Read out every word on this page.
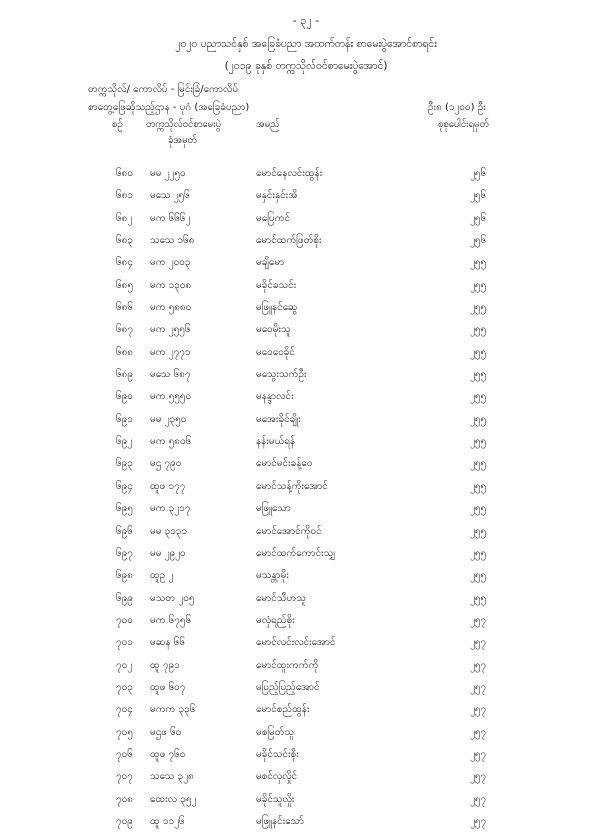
- ၃၂ -
၂၀၂၀ ပညာသင်နှစ် အခြေခံပညာ အထက်တန်း စာမေးပွဲအောင်စာရင်း
(၂၀၁၉ ခုနှစ် တက္ကသိုလ်ဝင်စာမေးပွဲအောင်)
တက္ကသိုလ်/ ကောလိပ် - မြင်းခြံ/ကောလိပ်
စာတွေ့ဖြေဆိုသည့်ဌာန - ပုဂံ (အခြေခံပညာ)	ဦး၈ (၁၂၀၀) ဦး
စဉ် တက္ကသိုလ်ဝင်စာမေးပွဲ
ခုံအမှတ်
အမည်	စုစုပေါင်းရမှတ်
၆၈၀ မမ ၂၂၅၀	မောင်နေလင်းထွန်း	၂၅၆
၆၈၁ မသေ ၂၅၆	မနှင်းနှင်းအိ	၂၅၆
၆၈၂ မက ၆၆၆၂	မပြေကင်	၂၅၆
၆၈၃ သသေ ၁၆၈	မောင်ထက်ဖြတ်စိုး	၂၅၆
၆၈၄ မက ၂၀၀၃	မချိမော	၂၅၅
၆၈၅ မက ၁၃၀၈	မခိုင်ခသင်း	၂၅၅
၆၈၆ မက ၅၈၈၀	မဖြူနင်ဆွေ	၂၅၅
၆၈၇ မက ၂၅၅၆	မဝေမိုးသူ	၂၅၅
၆၈၈ မက ၂၇၇၁	မဝေဝေခိုင်	၂၅၅
၆၈၉ မသေ ၆၈၇	မသွေးသက်ဦး	၂၅၅
၆၉၀ မက ၅၅၅၀	မနန္ဒာလင်း	၂၅၅
၆၉၁ မမ ၂၃၅၀	မအေးခိုင်ချိုး	၂၅၅
၆၉၂ မက ၅၈၀၆	နန်းမယ်ရန်	၂၅၅
၆၉၃ မဌ ၇၉၀	မောင်မင်းခန့်ဝေ	၂၅၅
၆၉၄ ထူဖ ၁၇၇	မောင်သန့်ကိုးအောင်	၂၅၅
၆၉၅ မက ၃၂၁၇	မဖြူသော	၂၅၅
၆၉၆ မမ ၃၁၃၁	မောင်အောင်ကိုဝင်	၂၅၅
၆၉၇ မမ ၂၉၂၀	မောင်ထက်ကောင်းသျှ	၂၅၅
၆၉၈ ထူဥ ၂	မသန္တာမိုး	၂၅၅
၆၉၉ မသတ ၂၀၅	မောင်သီဟသူ	၂၅၅
၇၀၀ မက ၆၇၅၆	မလှံရည်စိုး	၂၅၇
၇၀၁ မဆန ၆၆	မောင်လင်းလင်းအောင်	၂၅၇
၇၀၂ ထူ ၇၉၁	မောင်ထူးကက်ကို	၂၅၇
၇၀၃ ထူဖ ၆၀၇	မပြည့်ပြည့်အောင်	၂၅၇
၇၀၄ မကက ၃၃၆	မောင်စည်ထွန်း	၂၅၇
၇၀၅ မဌဖ ၆၀	မစမြတ်သူ	၂၅၇
၇၀၆ ထူဖ ၇၆၀	မခိုင်သင်းစိုး	၂၅၇
၇၀၇ သသေ ၃၂၈	မစင်လှလှိုင်	၂၅၇
၇၀၈ ထေးလ ၃၅၂	မခိုင်သူလှိုး	၂၅၇
၇၀၉ ထူ ၁၁၂၆	မဖြူနင်းသော်	၂၅၇
